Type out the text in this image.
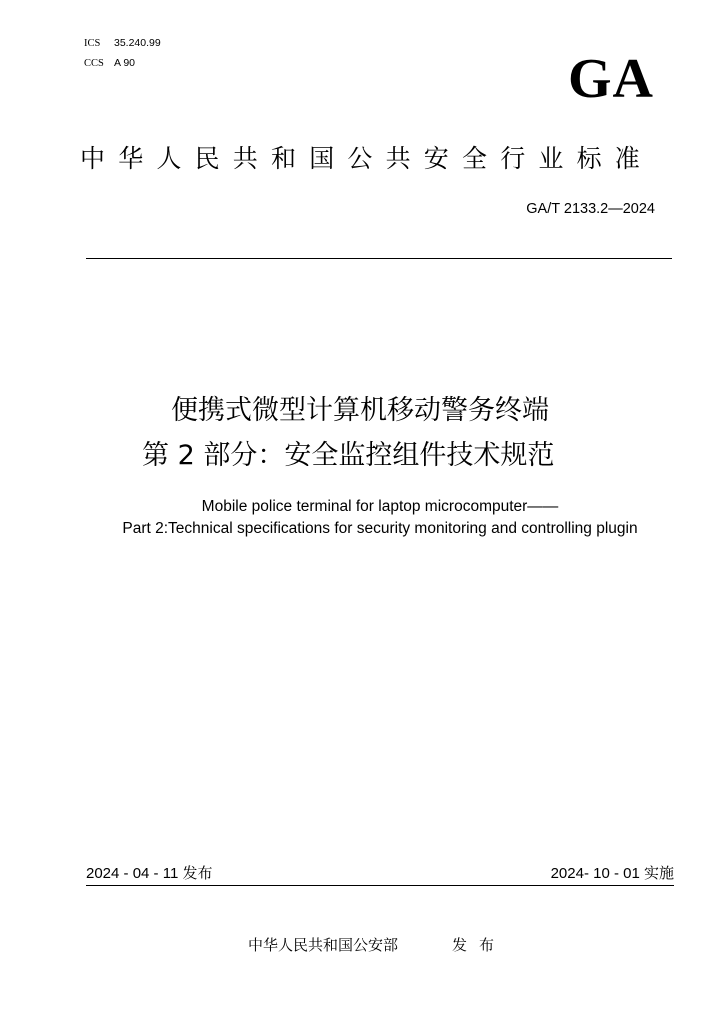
ICS 35.240.99
CCS A 90	GA
中华人民共和国公共安全行业标准
GA/T 2133.2—2024
便携式微型计算机移动警务终端
第 2 部分：安全监控组件技术规范
Mobile police terminal for laptop microcomputer——
Part 2:Technical specifications for security monitoring and controlling plugin
2024 - 04 - 11 发布	2024- 10 - 01 实施
中华人民共和国公安部	发布
